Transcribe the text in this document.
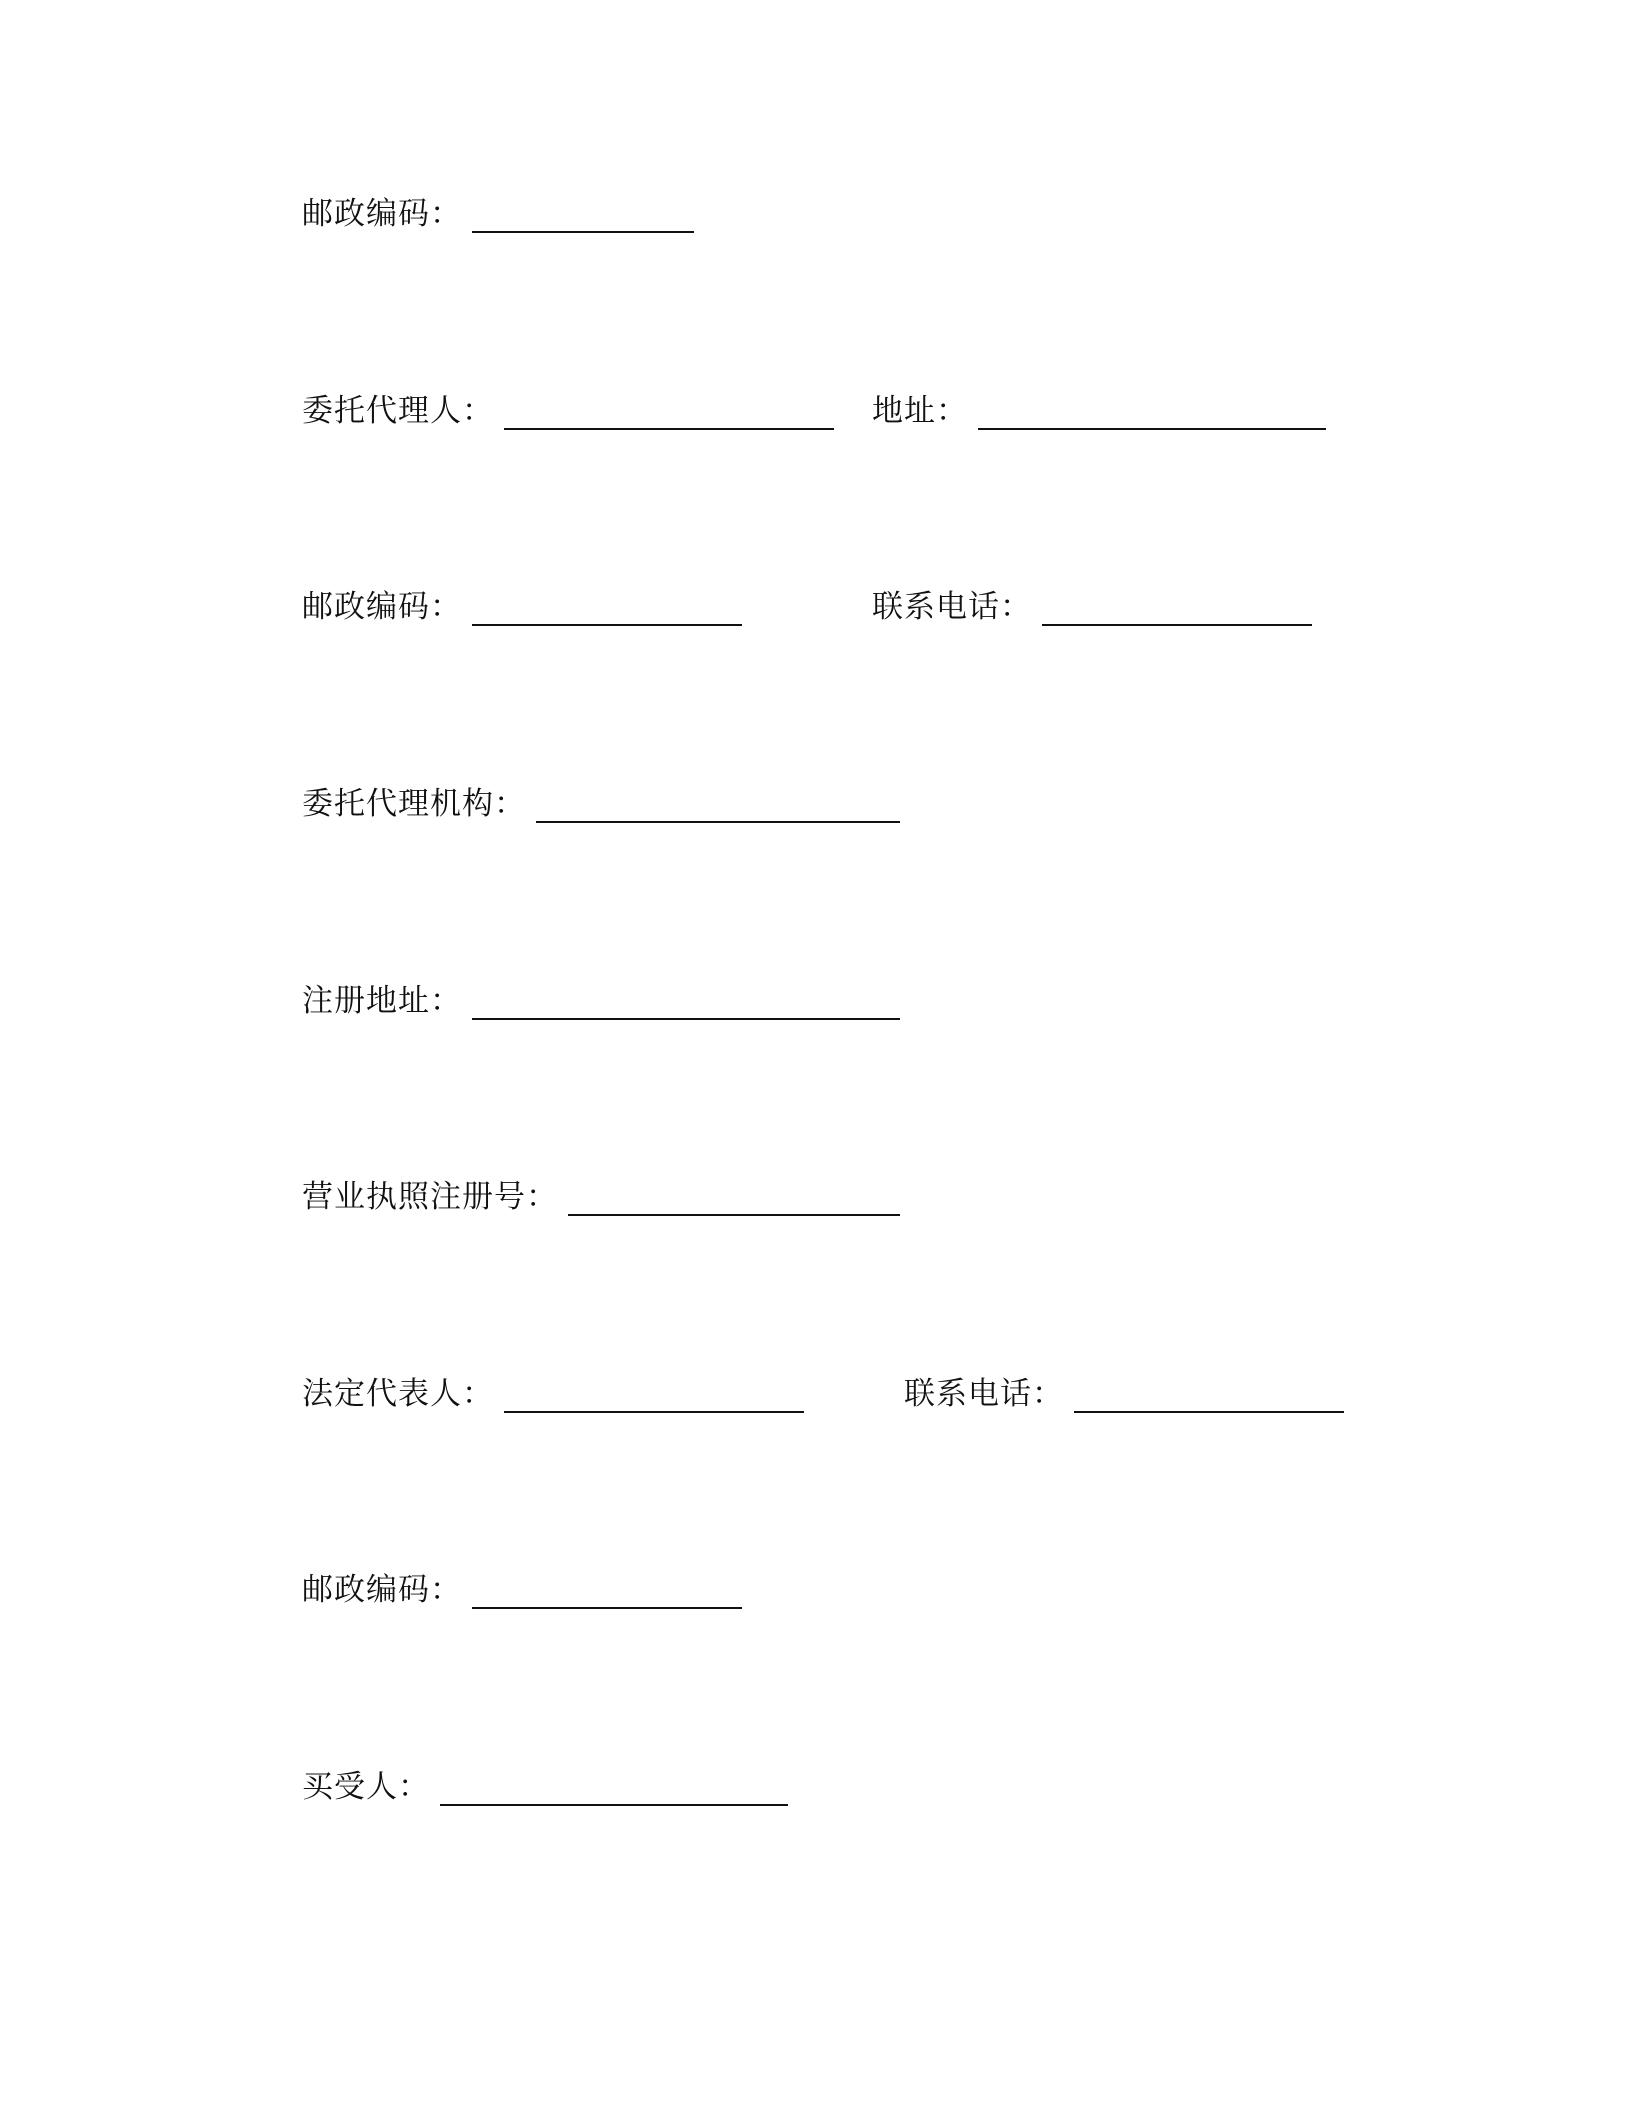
邮政编码：
委托代理人：	地址：
邮政编码：	联系电话：
委托代理机构：
注册地址：
营业执照注册号：
法定代表人：	联系电话：
邮政编码：
买受人：
